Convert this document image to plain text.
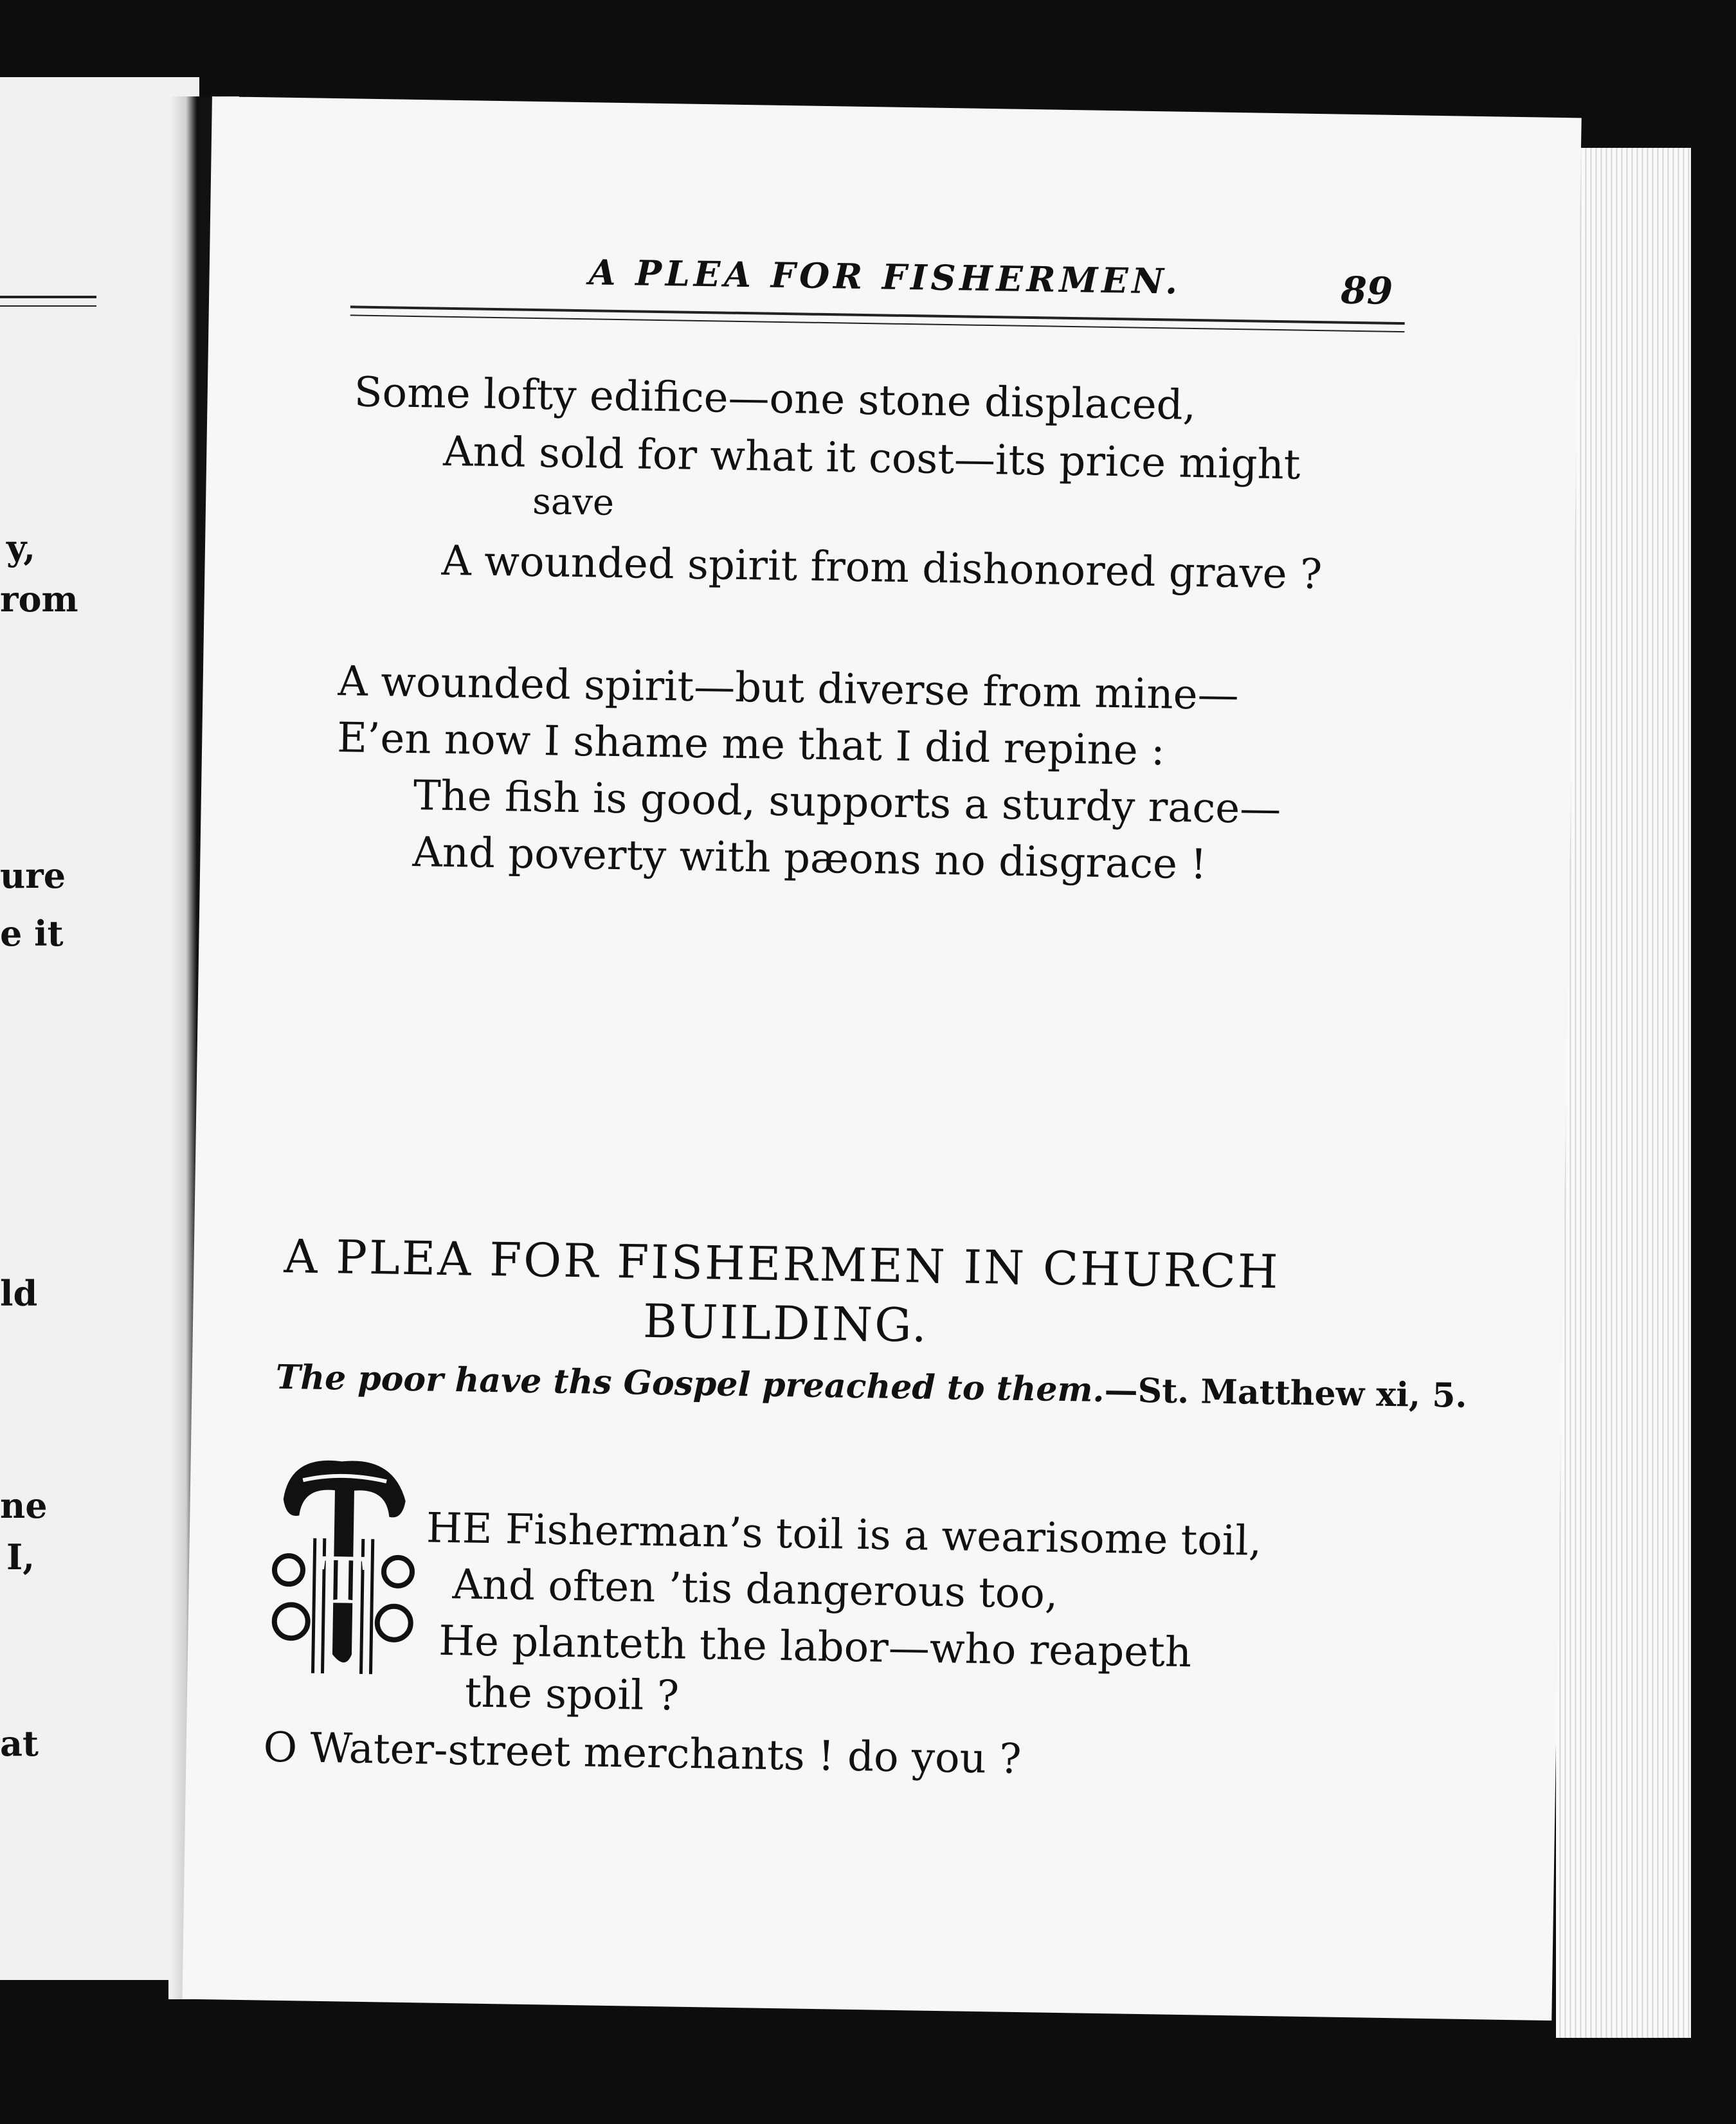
y,
rom
ure
e it
ld
ne
I,
at
A PLEA FOR FISHERMEN.	89
Some lofty edifice—one stone displaced,
And sold for what it cost—its price might
save
A wounded spirit from dishonored grave ?
A wounded spirit—but diverse from mine—
E’en now I shame me that I did repine :
The fish is good, supports a sturdy race—
And poverty with pæons no disgrace !
A PLEA FOR FISHERMEN IN CHURCH
BUILDING.
The poor have ths Gospel preached to them.—St. Matthew xi, 5.
T
HE Fisherman’s toil is a wearisome toil,
And often ’tis dangerous too,
He planteth the labor—who reapeth
the spoil ?
O Water-street merchants ! do you ?
